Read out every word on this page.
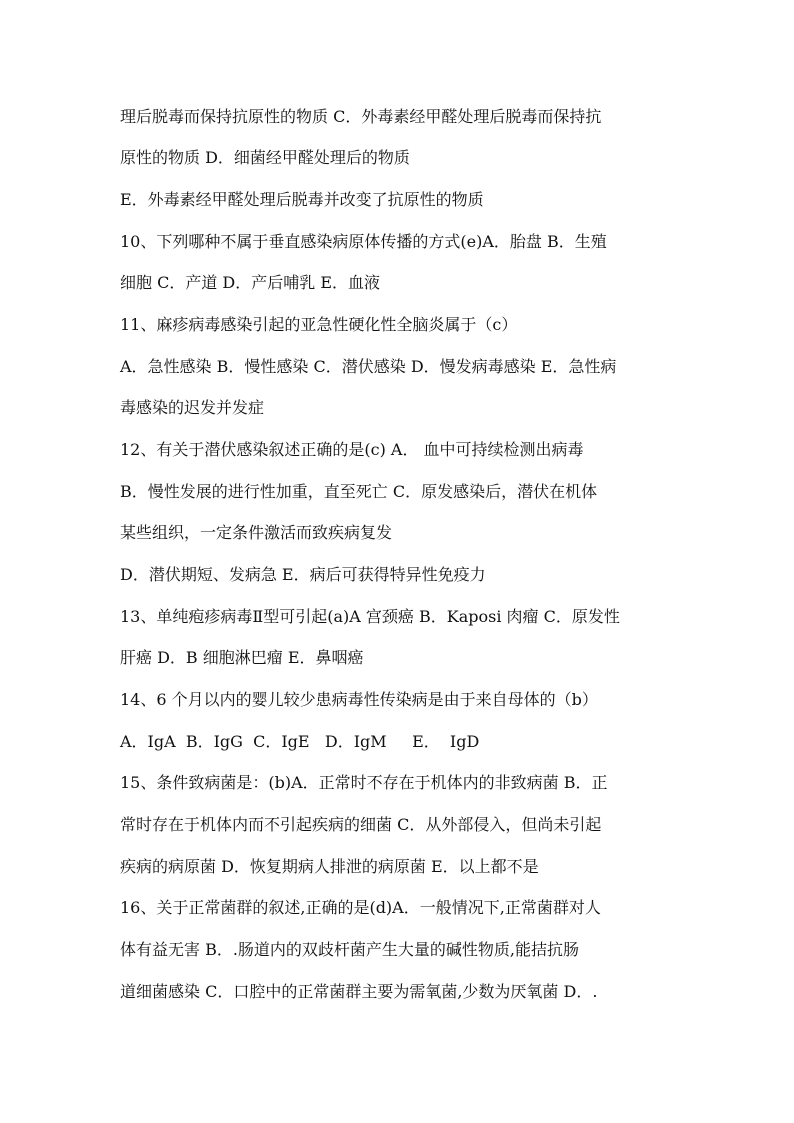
理后脱毒而保持抗原性的物质 C．外毒素经甲醛处理后脱毒而保持抗
原性的物质 D．细菌经甲醛处理后的物质
E．外毒素经甲醛处理后脱毒并改变了抗原性的物质
10、下列哪种不属于垂直感染病原体传播的方式(e)A．胎盘 B．生殖
细胞 C．产道 D．产后哺乳 E．血液
11、麻疹病毒感染引起的亚急性硬化性全脑炎属于（c）
A．急性感染 B．慢性感染 C．潜伏感染 D．慢发病毒感染 E．急性病
毒感染的迟发并发症
12、有关于潜伏感染叙述正确的是(c) A． 血中可持续检测出病毒
B．慢性发展的进行性加重，直至死亡 C．原发感染后，潜伏在机体
某些组织，一定条件激活而致疾病复发
D．潜伏期短、发病急 E．病后可获得特异性免疫力
13、单纯疱疹病毒Ⅱ型可引起(a)A 宫颈癌 B．Kaposi 肉瘤 C．原发性
肝癌 D．B 细胞淋巴瘤 E．鼻咽癌
14、6 个月以内的婴儿较少患病毒性传染病是由于来自母体的（b）
A．IgA  B．IgG  C．IgE   D．IgM     E．  IgD
15、条件致病菌是：(b)A．正常时不存在于机体内的非致病菌 B．正
常时存在于机体内而不引起疾病的细菌 C．从外部侵入，但尚未引起
疾病的病原菌 D．恢复期病人排泄的病原菌 E．以上都不是
16、关于正常菌群的叙述,正确的是(d)A．一般情况下,正常菌群对人
体有益无害 B．.肠道内的双歧杆菌产生大量的碱性物质,能拮抗肠
道细菌感染 C．口腔中的正常菌群主要为需氧菌,少数为厌氧菌 D．.
